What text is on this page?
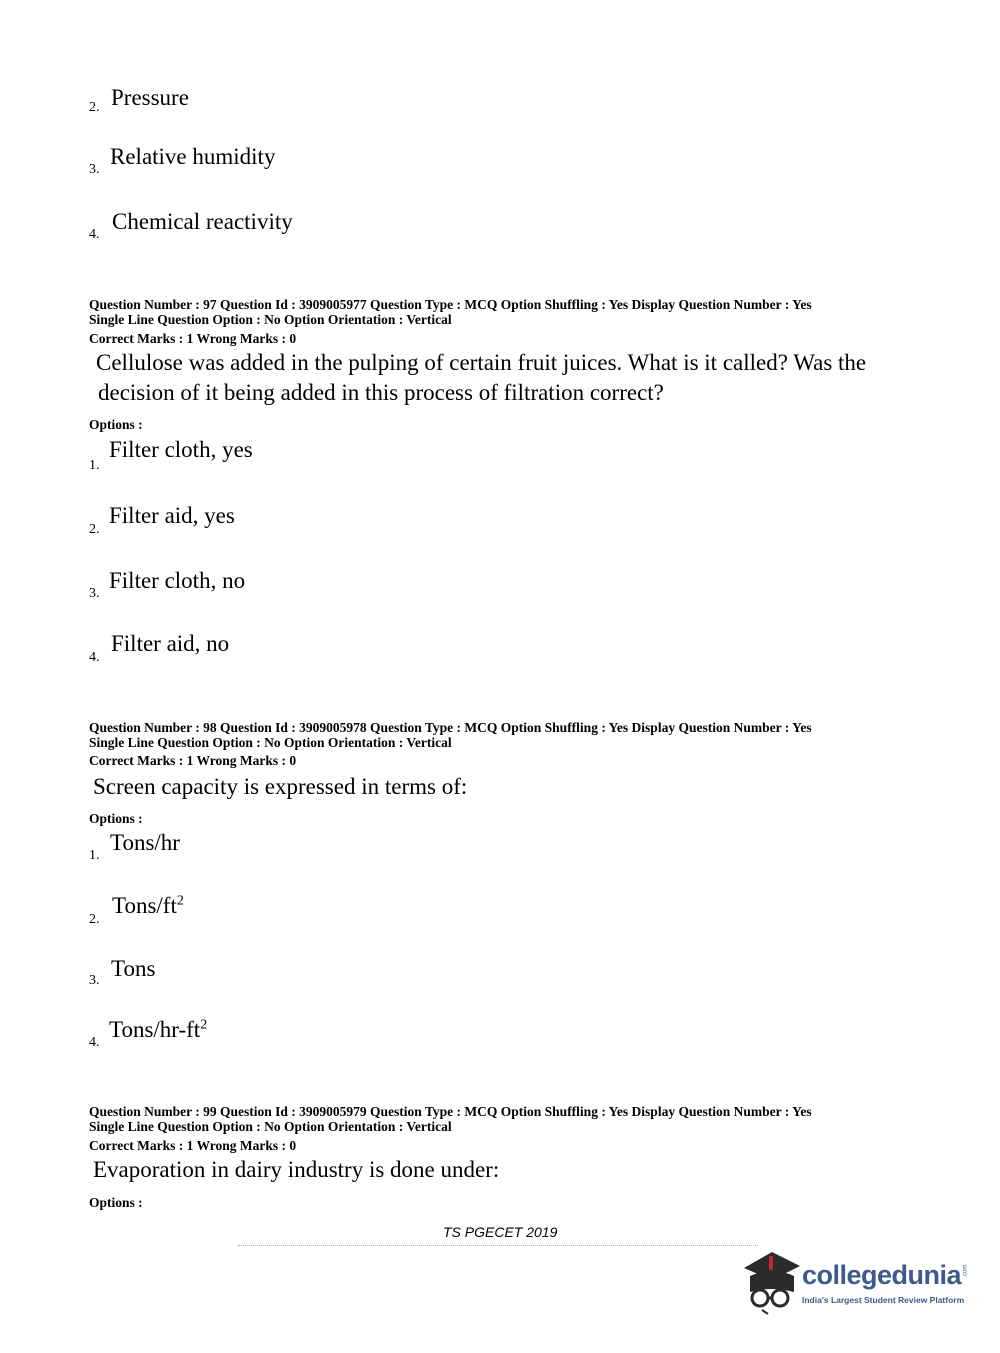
2. Pressure
3.
Relative humidity
4.
Chemical reactivity
Question Number : 97 Question Id : 3909005977 Question Type : MCQ Option Shuffling : Yes Display Question Number : Yes
Single Line Question Option : No Option Orientation : Vertical
Correct Marks : 1 Wrong Marks : 0
Cellulose was added in the pulping of certain fruit juices. What is it called? Was the
decision of it being added in this process of filtration correct?
Options :
1.
Filter cloth, yes
2.
Filter aid, yes
3.
Filter cloth, no
4.
Filter aid, no
Question Number : 98 Question Id : 3909005978 Question Type : MCQ Option Shuffling : Yes Display Question Number : Yes
Single Line Question Option : No Option Orientation : Vertical
Correct Marks : 1 Wrong Marks : 0
Screen capacity is expressed in terms of:
Options :
1.
Tons/hr
2.
Tons/$ft^2$
3. Tons
4.
Tons/$hr-ft^2$
Question Number : 99 Question Id : 3909005979 Question Type : MCQ Option Shuffling : Yes Display Question Number : Yes
Single Line Question Option : No Option Orientation : Vertical
Correct Marks : 1 Wrong Marks : 0
Evaporation in dairy industry is done under:
Options :
TS PGECET 2019
collegedunia .com
India's Largest Student Review Platform
